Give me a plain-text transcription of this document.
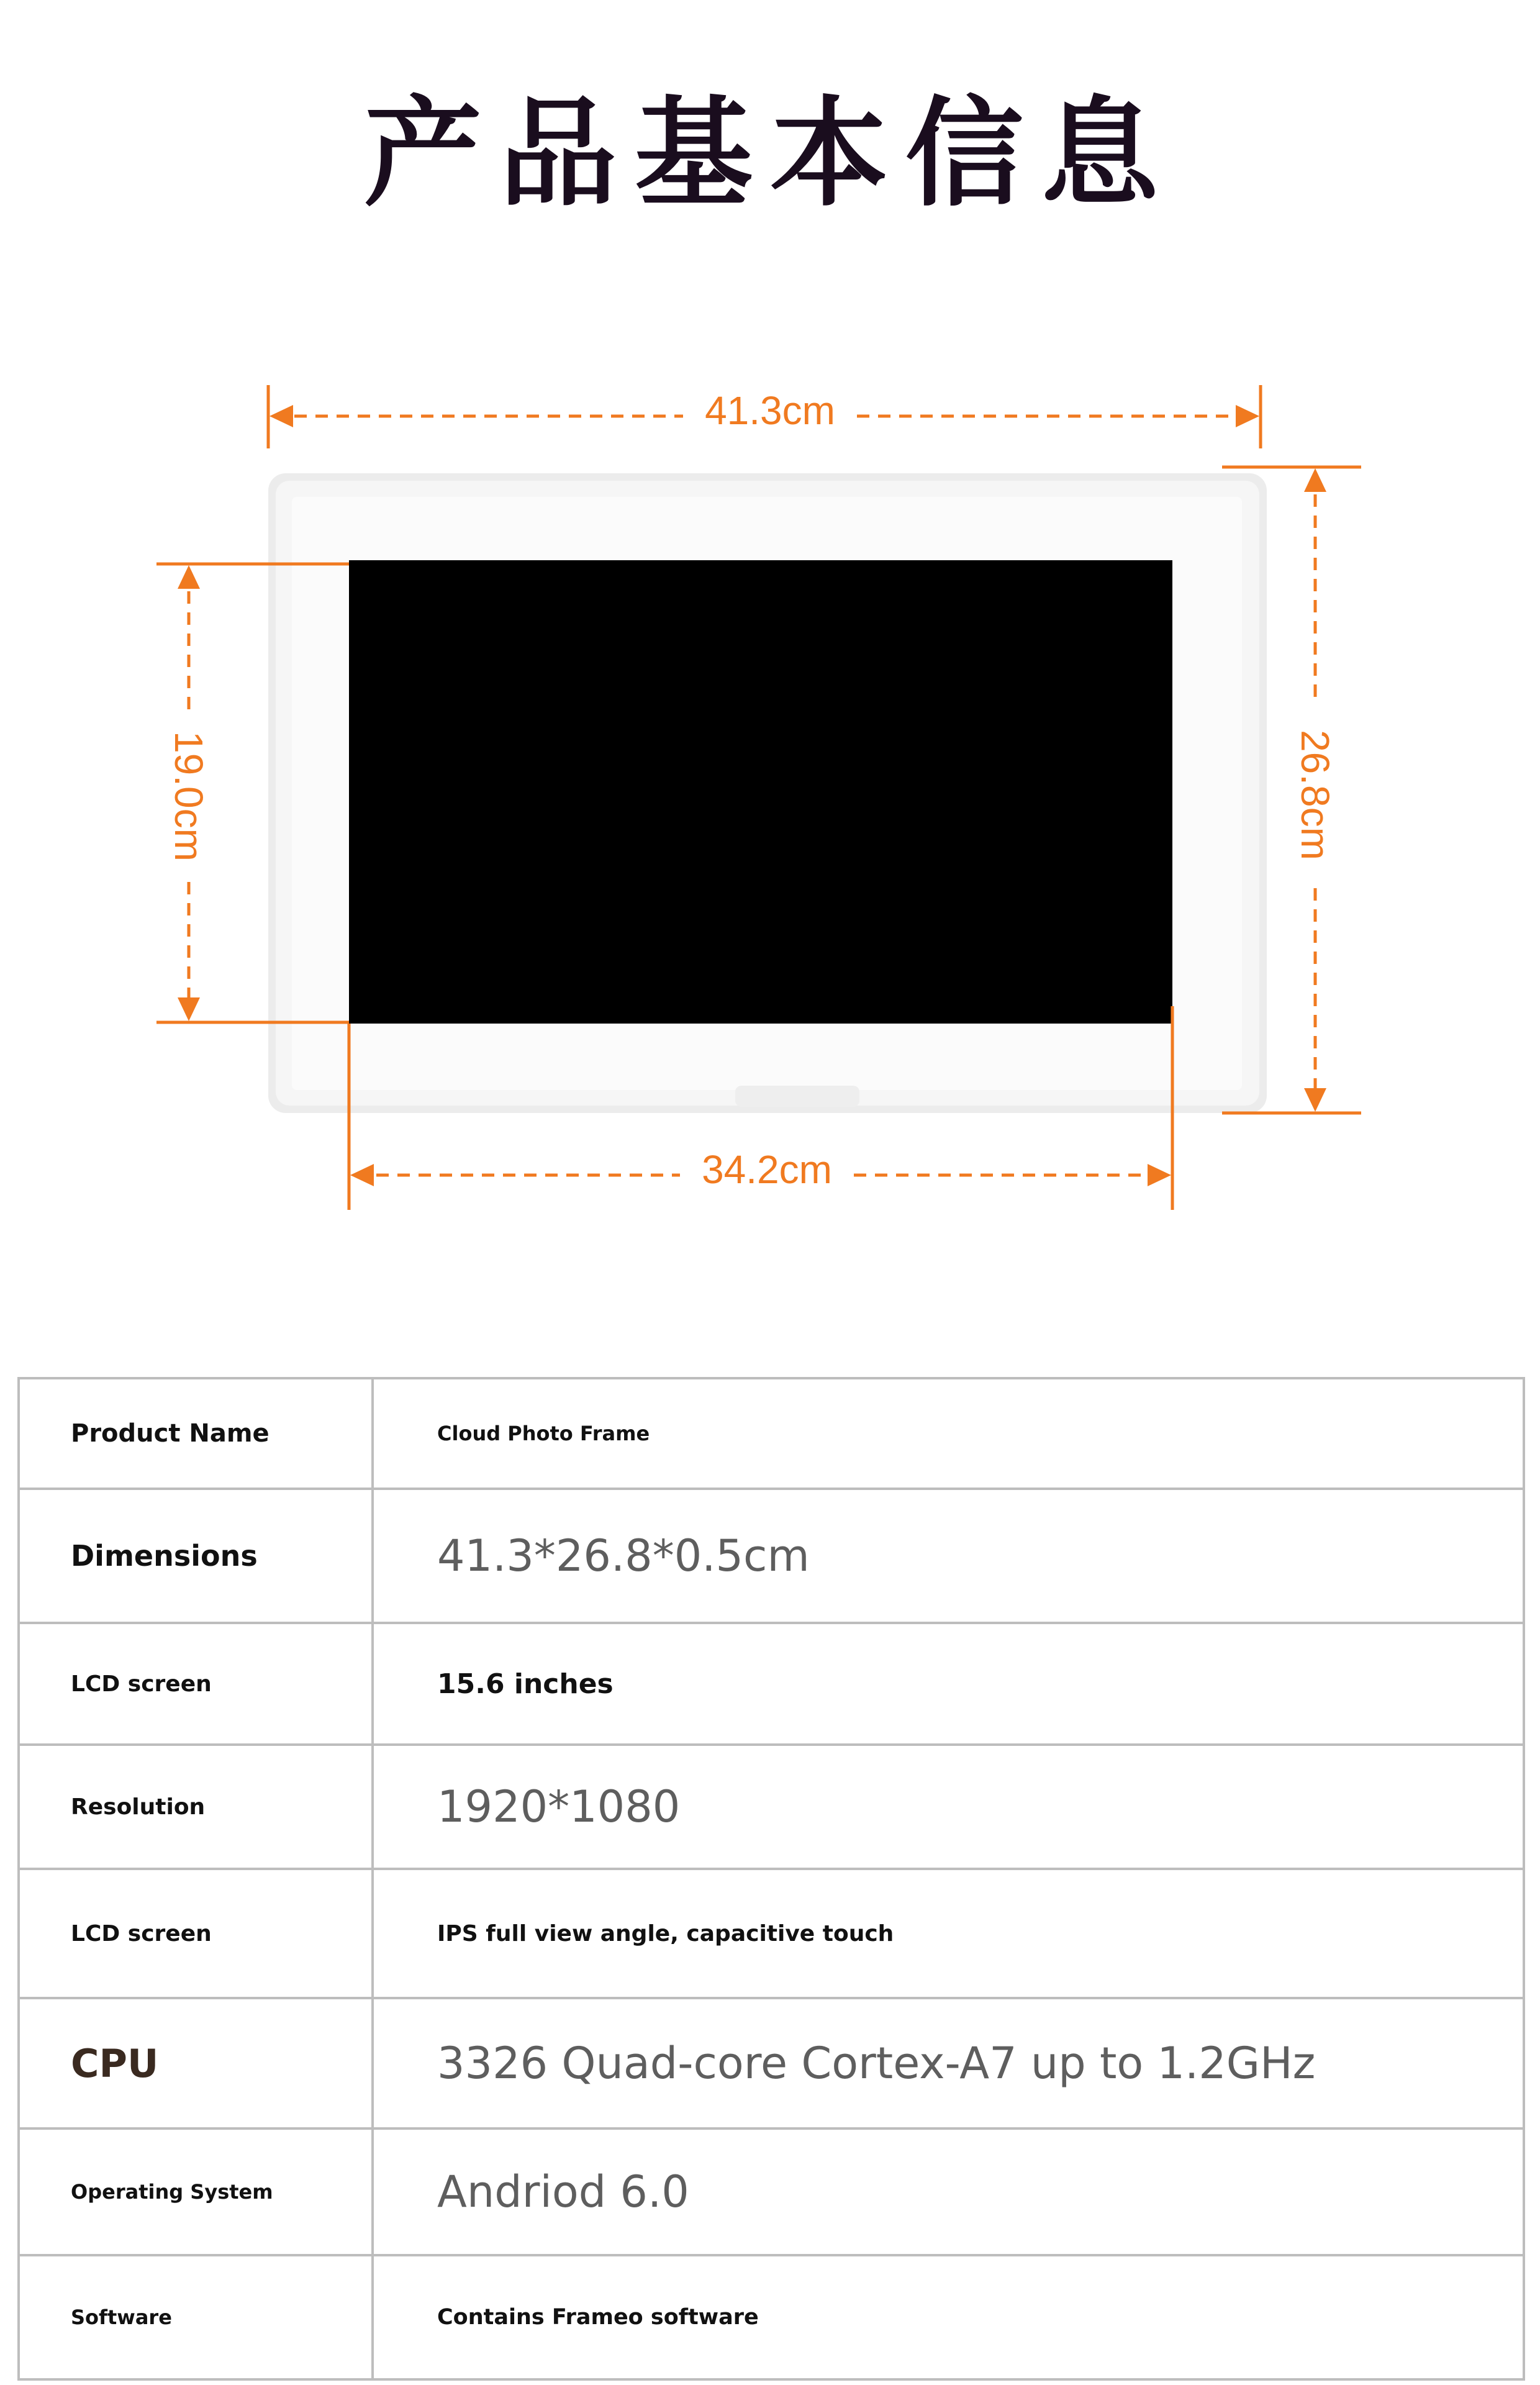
产品基本信息
41.3cm
26.8cm
19.0cm
34.2cm
Product Name	Cloud Photo Frame
Dimensions	41.3*26.8*0.5cm
LCD screen	15.6 inches
Resolution	1920*1080
LCD screen	IPS full view angle, capacitive touch
CPU	3326 Quad-core Cortex-A7 up to 1.2GHz
Operating System	Andriod 6.0
Software	Contains Frameo software
